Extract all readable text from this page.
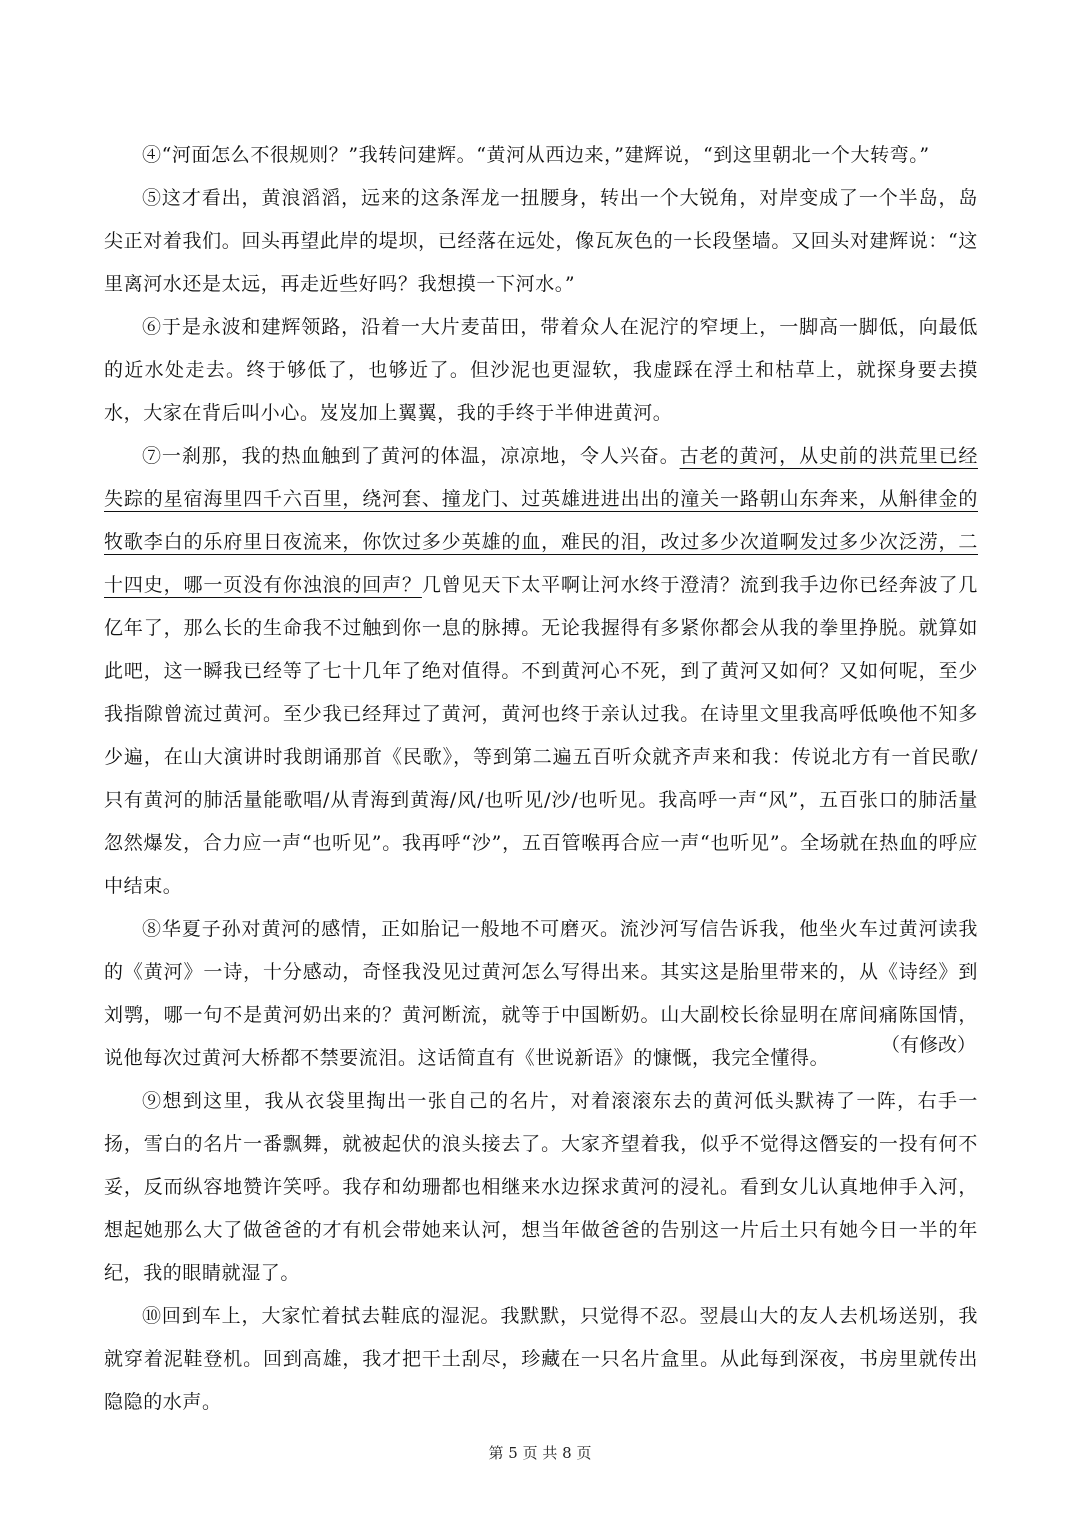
④“河面怎么不很规则？”我转问建辉。“黄河从西边来，”建辉说，“到这里朝北一个大转弯。”

⑤这才看出，黄浪滔滔，远来的这条浑龙一扭腰身，转出一个大锐角，对岸变成了一个半岛，岛尖正对着我们。回头再望此岸的堤坝，已经落在远处，像瓦灰色的一长段堡墙。又回头对建辉说：“这里离河水还是太远，再走近些好吗？我想摸一下河水。”

⑥于是永波和建辉领路，沿着一大片麦苗田，带着众人在泥泞的窄埂上，一脚高一脚低，向最低的近水处走去。终于够低了，也够近了。但沙泥也更湿软，我虚踩在浮土和枯草上，就探身要去摸水，大家在背后叫小心。岌岌加上翼翼，我的手终于半伸进黄河。

⑦一刹那，我的热血触到了黄河的体温，凉凉地，令人兴奋。古老的黄河，从史前的洪荒里已经失踪的星宿海里四千六百里，绕河套、撞龙门、过英雄进进出出的潼关一路朝山东奔来，从斛律金的牧歌李白的乐府里日夜流来，你饮过多少英雄的血，难民的泪，改过多少次道啊发过多少次泛涝，二十四史，哪一页没有你浊浪的回声？几曾见天下太平啊让河水终于澄清？流到我手边你已经奔波了几亿年了，那么长的生命我不过触到你一息的脉搏。无论我握得有多紧你都会从我的拳里挣脱。就算如此吧，这一瞬我已经等了七十几年了绝对值得。不到黄河心不死，到了黄河又如何？又如何呢，至少我指隙曾流过黄河。至少我已经拜过了黄河，黄河也终于亲认过我。在诗里文里我高呼低唤他不知多少遍，在山大演讲时我朗诵那首《民歌》，等到第二遍五百听众就齐声来和我：传说北方有一首民歌/只有黄河的肺活量能歌唱/从青海到黄海/风/也听见/沙/也听见。我高呼一声“风”，五百张口的肺活量忽然爆发，合力应一声“也听见”。我再呼“沙”，五百管喉再合应一声“也听见”。全场就在热血的呼应中结束。

⑧华夏子孙对黄河的感情，正如胎记一般地不可磨灭。流沙河写信告诉我，他坐火车过黄河读我的《黄河》一诗，十分感动，奇怪我没见过黄河怎么写得出来。其实这是胎里带来的，从《诗经》到刘鹗，哪一句不是黄河奶出来的？黄河断流，就等于中国断奶。山大副校长徐显明在席间痛陈国情，说他每次过黄河大桥都不禁要流泪。这话简直有《世说新语》的慷慨，我完全懂得。

⑨想到这里，我从衣袋里掏出一张自己的名片，对着滚滚东去的黄河低头默祷了一阵，右手一扬，雪白的名片一番飘舞，就被起伏的浪头接去了。大家齐望着我，似乎不觉得这僭妄的一投有何不妥，反而纵容地赞许笑呼。我存和幼珊都也相继来水边探求黄河的浸礼。看到女儿认真地伸手入河，想起她那么大了做爸爸的才有机会带她来认河，想当年做爸爸的告别这一片后土只有她今日一半的年纪，我的眼睛就湿了。

⑩回到车上，大家忙着拭去鞋底的湿泥。我默默，只觉得不忍。翌晨山大的友人去机场送别，我就穿着泥鞋登机。回到高雄，我才把干土刮尽，珍藏在一只名片盒里。从此每到深夜，书房里就传出隐隐的水声。

（有修改）
第 5 页 共 8 页
